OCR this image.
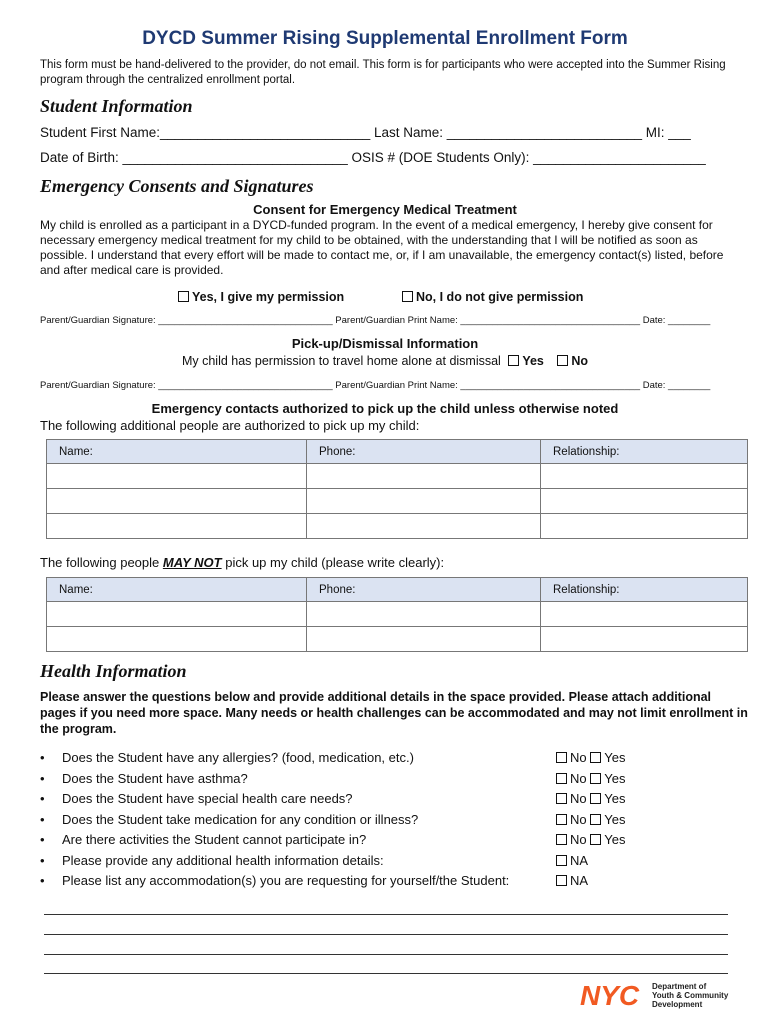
DYCD Summer Rising Supplemental Enrollment Form
This form must be hand-delivered to the provider, do not email. This form is for participants who were accepted into the Summer Rising program through the centralized enrollment portal.
Student Information
Student First Name:____________________________ Last Name: __________________________ MI: ___
Date of Birth: ______________________________ OSIS # (DOE Students Only): _______________________
Emergency Consents and Signatures
Consent for Emergency Medical Treatment
My child is enrolled as a participant in a DYCD-funded program. In the event of a medical emergency, I hereby give consent for necessary emergency medical treatment for my child to be obtained, with the understanding that I will be notified as soon as possible. I understand that every effort will be made to contact me, or, if I am unavailable, the emergency contact(s) listed, before and after medical care is provided.
Yes, I give my permission	No, I do not give permission
Parent/Guardian Signature: _________________________________ Parent/Guardian Print Name: __________________________________ Date: ________
Pick-up/Dismissal Information
My child has permission to travel home alone at dismissal Yes No
Parent/Guardian Signature: _________________________________ Parent/Guardian Print Name: __________________________________ Date: ________
Emergency contacts authorized to pick up the child unless otherwise noted
The following additional people are authorized to pick up my child:
Name:	Phone:	Relationship:

The following people MAY NOT pick up my child (please write clearly):
Name:	Phone:	Relationship:

Health Information
Please answer the questions below and provide additional details in the space provided. Please attach additional pages if you need more space. Many needs or health challenges can be accommodated and may not limit enrollment in the program.
• Does the Student have any allergies? (food, medication, etc.)	No Yes
• Does the Student have asthma?	No Yes
• Does the Student have special health care needs?	No Yes
• Does the Student take medication for any condition or illness?	No Yes
• Are there activities the Student cannot participate in?	No Yes
• Please provide any additional health information details:	NA
• Please list any accommodation(s) you are requesting for yourself/the Student:	NA
NYC Department of
Youth & Community
Development
